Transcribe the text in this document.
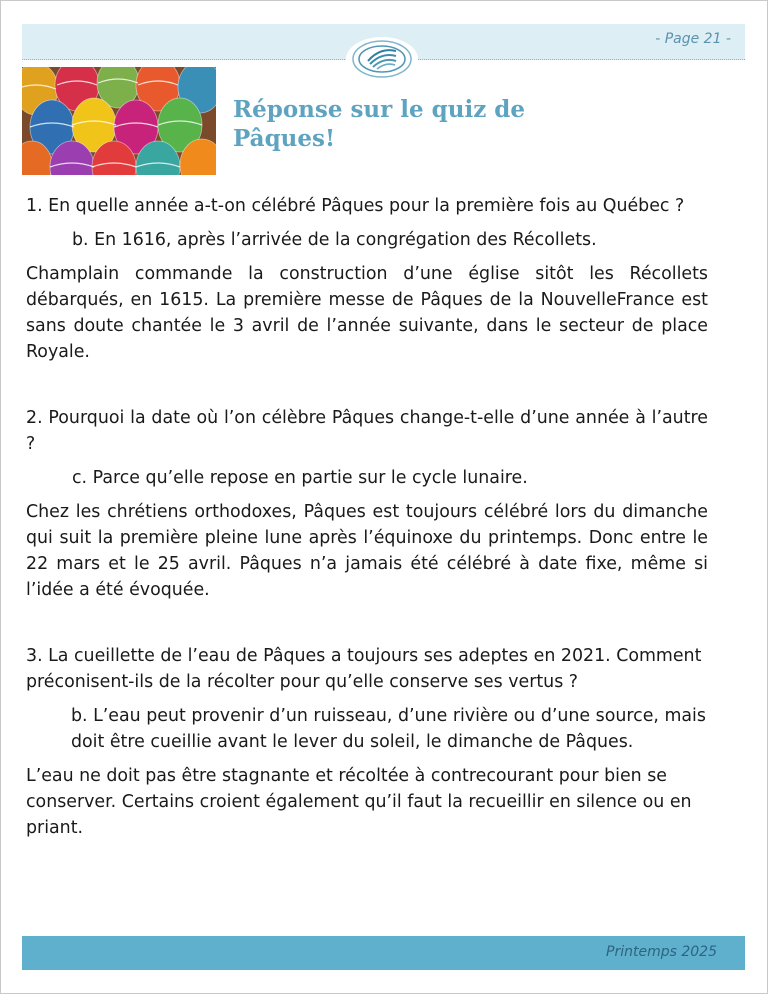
- Page 21 -
Réponse sur le quiz de Pâques!

1. En quelle année a-t-on célébré Pâques pour la première fois au Québec ?

b. En 1616, après l’arrivée de la congrégation des Récollets.

Champlain commande la construction d’une église sitôt les Récollets débarqués, en 1615. La première messe de Pâques de la NouvelleFrance est sans doute chantée le 3 avril de l’année suivante, dans le secteur de place Royale.

2. Pourquoi la date où l’on célèbre Pâques change-t-elle d’une année à l’autre ?

c. Parce qu’elle repose en partie sur le cycle lunaire.

Chez les chrétiens orthodoxes, Pâques est toujours célébré lors du dimanche qui suit la première pleine lune après l’équinoxe du printemps. Donc entre le 22 mars et le 25 avril. Pâques n’a jamais été célébré à date fixe, même si l’idée a été évoquée.

3. La cueillette de l’eau de Pâques a toujours ses adeptes en 2021. Comment préconisent-ils de la récolter pour qu’elle conserve ses vertus ?

b. L’eau peut provenir d’un ruisseau, d’une rivière ou d’une source, mais doit être cueillie avant le lever du soleil, le dimanche de Pâques.

L’eau ne doit pas être stagnante et récoltée à contrecourant pour bien se conserver. Certains croient également qu’il faut la recueillir en silence ou en priant.

Printemps 2025
